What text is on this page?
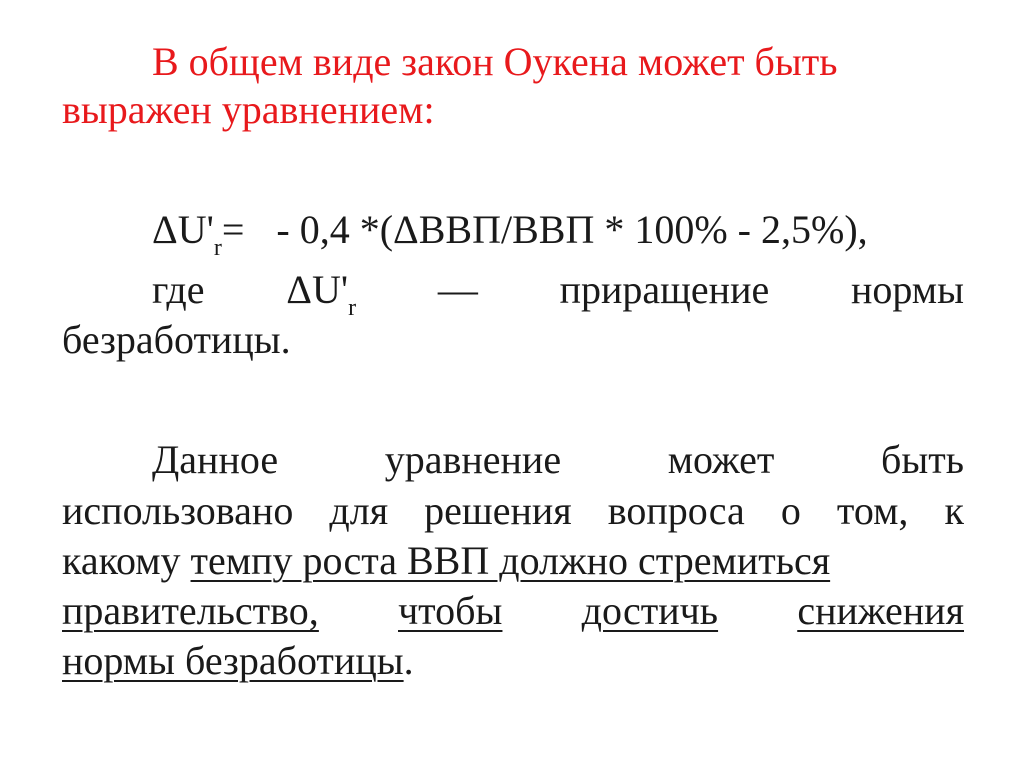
В общем виде закон Оукена может быть
выражен уравнением:
$\Delta U'_r= - 0,4$ *(ΔВВП/ВВП * 100% - 2,5%),
где $\Delta U'_r$ — приращение нормы
безработицы.
Данное	уравнение	может	быть
использовано для решения вопроса о том, к
какому темпу роста ВВП должно стремиться
правительство, чтобы достичь снижения
нормы безработицы.
